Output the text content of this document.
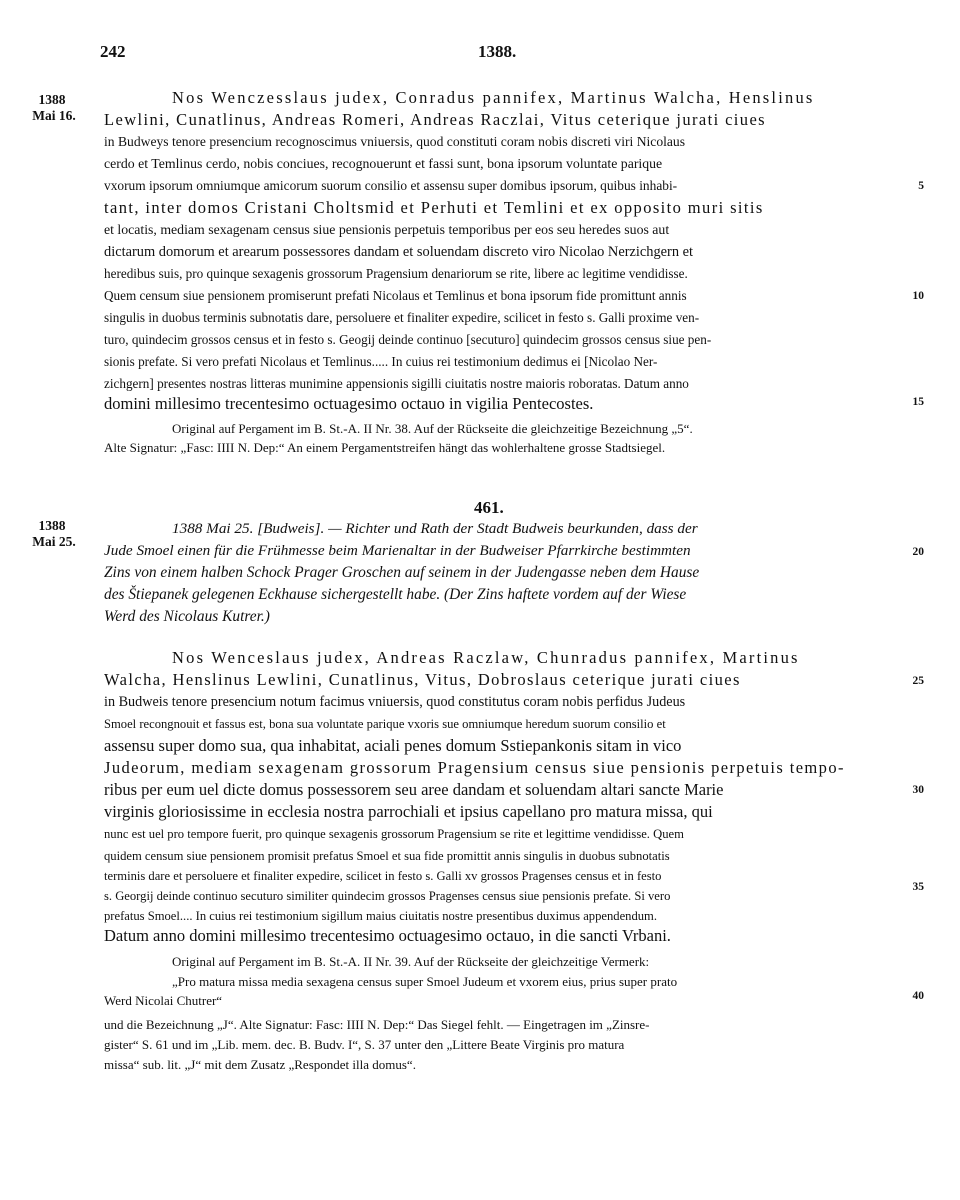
242	1388.
1388
Mai 16.
Nos Wenczesslaus judex, Conradus pannifex, Martinus Walcha, Henslinus
Lewlini, Cunatlinus, Andreas Romeri, Andreas Raczlai, Vitus ceterique jurati ciues
in Budweys tenore presencium recognoscimus vniuersis, quod constituti coram nobis discreti viri Nicolaus
cerdo et Temlinus cerdo, nobis conciues, recognouerunt et fassi sunt, bona ipsorum voluntate parique
vxorum ipsorum omniumque amicorum suorum consilio et assensu super domibus ipsorum, quibus inhabi-
tant, inter domos Cristani Choltsmid et Perhuti et Temlini et ex opposito muri sitis
et locatis, mediam sexagenam census siue pensionis perpetuis temporibus per eos seu heredes suos aut
dictarum domorum et arearum possessores dandam et soluendam discreto viro Nicolao Nerzichgern et
heredibus suis, pro quinque sexagenis grossorum Pragensium denariorum se rite, libere ac legitime vendidisse.
Quem censum siue pensionem promiserunt prefati Nicolaus et Temlinus et bona ipsorum fide promittunt annis
singulis in duobus terminis subnotatis dare, persoluere et finaliter expedire, scilicet in festo s. Galli proxime ven-
turo, quindecim grossos census et in festo s. Geogij deinde continuo [secuturo] quindecim grossos census siue pen-
sionis prefate. Si vero prefati Nicolaus et Temlinus..... In cuius rei testimonium dedimus ei [Nicolao Ner-
zichgern] presentes nostras litteras munimine appensionis sigilli ciuitatis nostre maioris roboratas. Datum anno
domini millesimo trecentesimo octuagesimo octauo in vigilia Pentecostes.
5
10
15
Original auf Pergament im B. St.-A. II Nr. 38. Auf der Rückseite die gleichzeitige Bezeichnung „5“.
Alte Signatur: „Fasc: IIII N. Dep:“ An einem Pergamentstreifen hängt das wohlerhaltene grosse Stadtsiegel.
461.
1388
Mai 25.
1388 Mai 25. [Budweis]. — Richter und Rath der Stadt Budweis beurkunden, dass der
Jude Smoel einen für die Frühmesse beim Marienaltar in der Budweiser Pfarrkirche bestimmten
Zins von einem halben Schock Prager Groschen auf seinem in der Judengasse neben dem Hause
des Štiepanek gelegenen Eckhause sichergestellt habe. (Der Zins haftete vordem auf der Wiese
Werd des Nicolaus Kutrer.)
Nos Wenceslaus judex, Andreas Raczlaw, Chunradus pannifex, Martinus
Walcha, Henslinus Lewlini, Cunatlinus, Vitus, Dobroslaus ceterique jurati ciues
in Budweis tenore presencium notum facimus vniuersis, quod constitutus coram nobis perfidus Judeus
Smoel recongnouit et fassus est, bona sua voluntate parique vxoris sue omniumque heredum suorum consilio et
assensu super domo sua, qua inhabitat, aciali penes domum Sstiepankonis sitam in vico
Judeorum, mediam sexagenam grossorum Pragensium census siue pensionis perpetuis tempo-
ribus per eum uel dicte domus possessorem seu aree dandam et soluendam altari sancte Marie
virginis gloriosissime in ecclesia nostra parrochiali et ipsius capellano pro matura missa, qui
nunc est uel pro tempore fuerit, pro quinque sexagenis grossorum Pragensium se rite et legittime vendidisse. Quem
quidem censum siue pensionem promisit prefatus Smoel et sua fide promittit annis singulis in duobus subnotatis
terminis dare et persoluere et finaliter expedire, scilicet in festo s. Galli xv grossos Pragenses census et in festo
s. Georgij deinde continuo secuturo similiter quindecim grossos Pragenses census siue pensionis prefate. Si vero
prefatus Smoel.... In cuius rei testimonium sigillum maius ciuitatis nostre presentibus duximus appendendum.
Datum anno domini millesimo trecentesimo octuagesimo octauo, in die sancti Vrbani.
20
25
30
35
40
Original auf Pergament im B. St.-A. II Nr. 39. Auf der Rückseite der gleichzeitige Vermerk:
„Pro matura missa media sexagena census super Smoel Judeum et vxorem eius, prius super prato
Werd Nicolai Chutrer“
und die Bezeichnung „J“. Alte Signatur: Fasc: IIII N. Dep:“ Das Siegel fehlt. — Eingetragen im „Zinsre-
gister“ S. 61 und im „Lib. mem. dec. B. Budv. I“, S. 37 unter den „Littere Beate Virginis pro matura
missa“ sub. lit. „J“ mit dem Zusatz „Respondet illa domus“.
